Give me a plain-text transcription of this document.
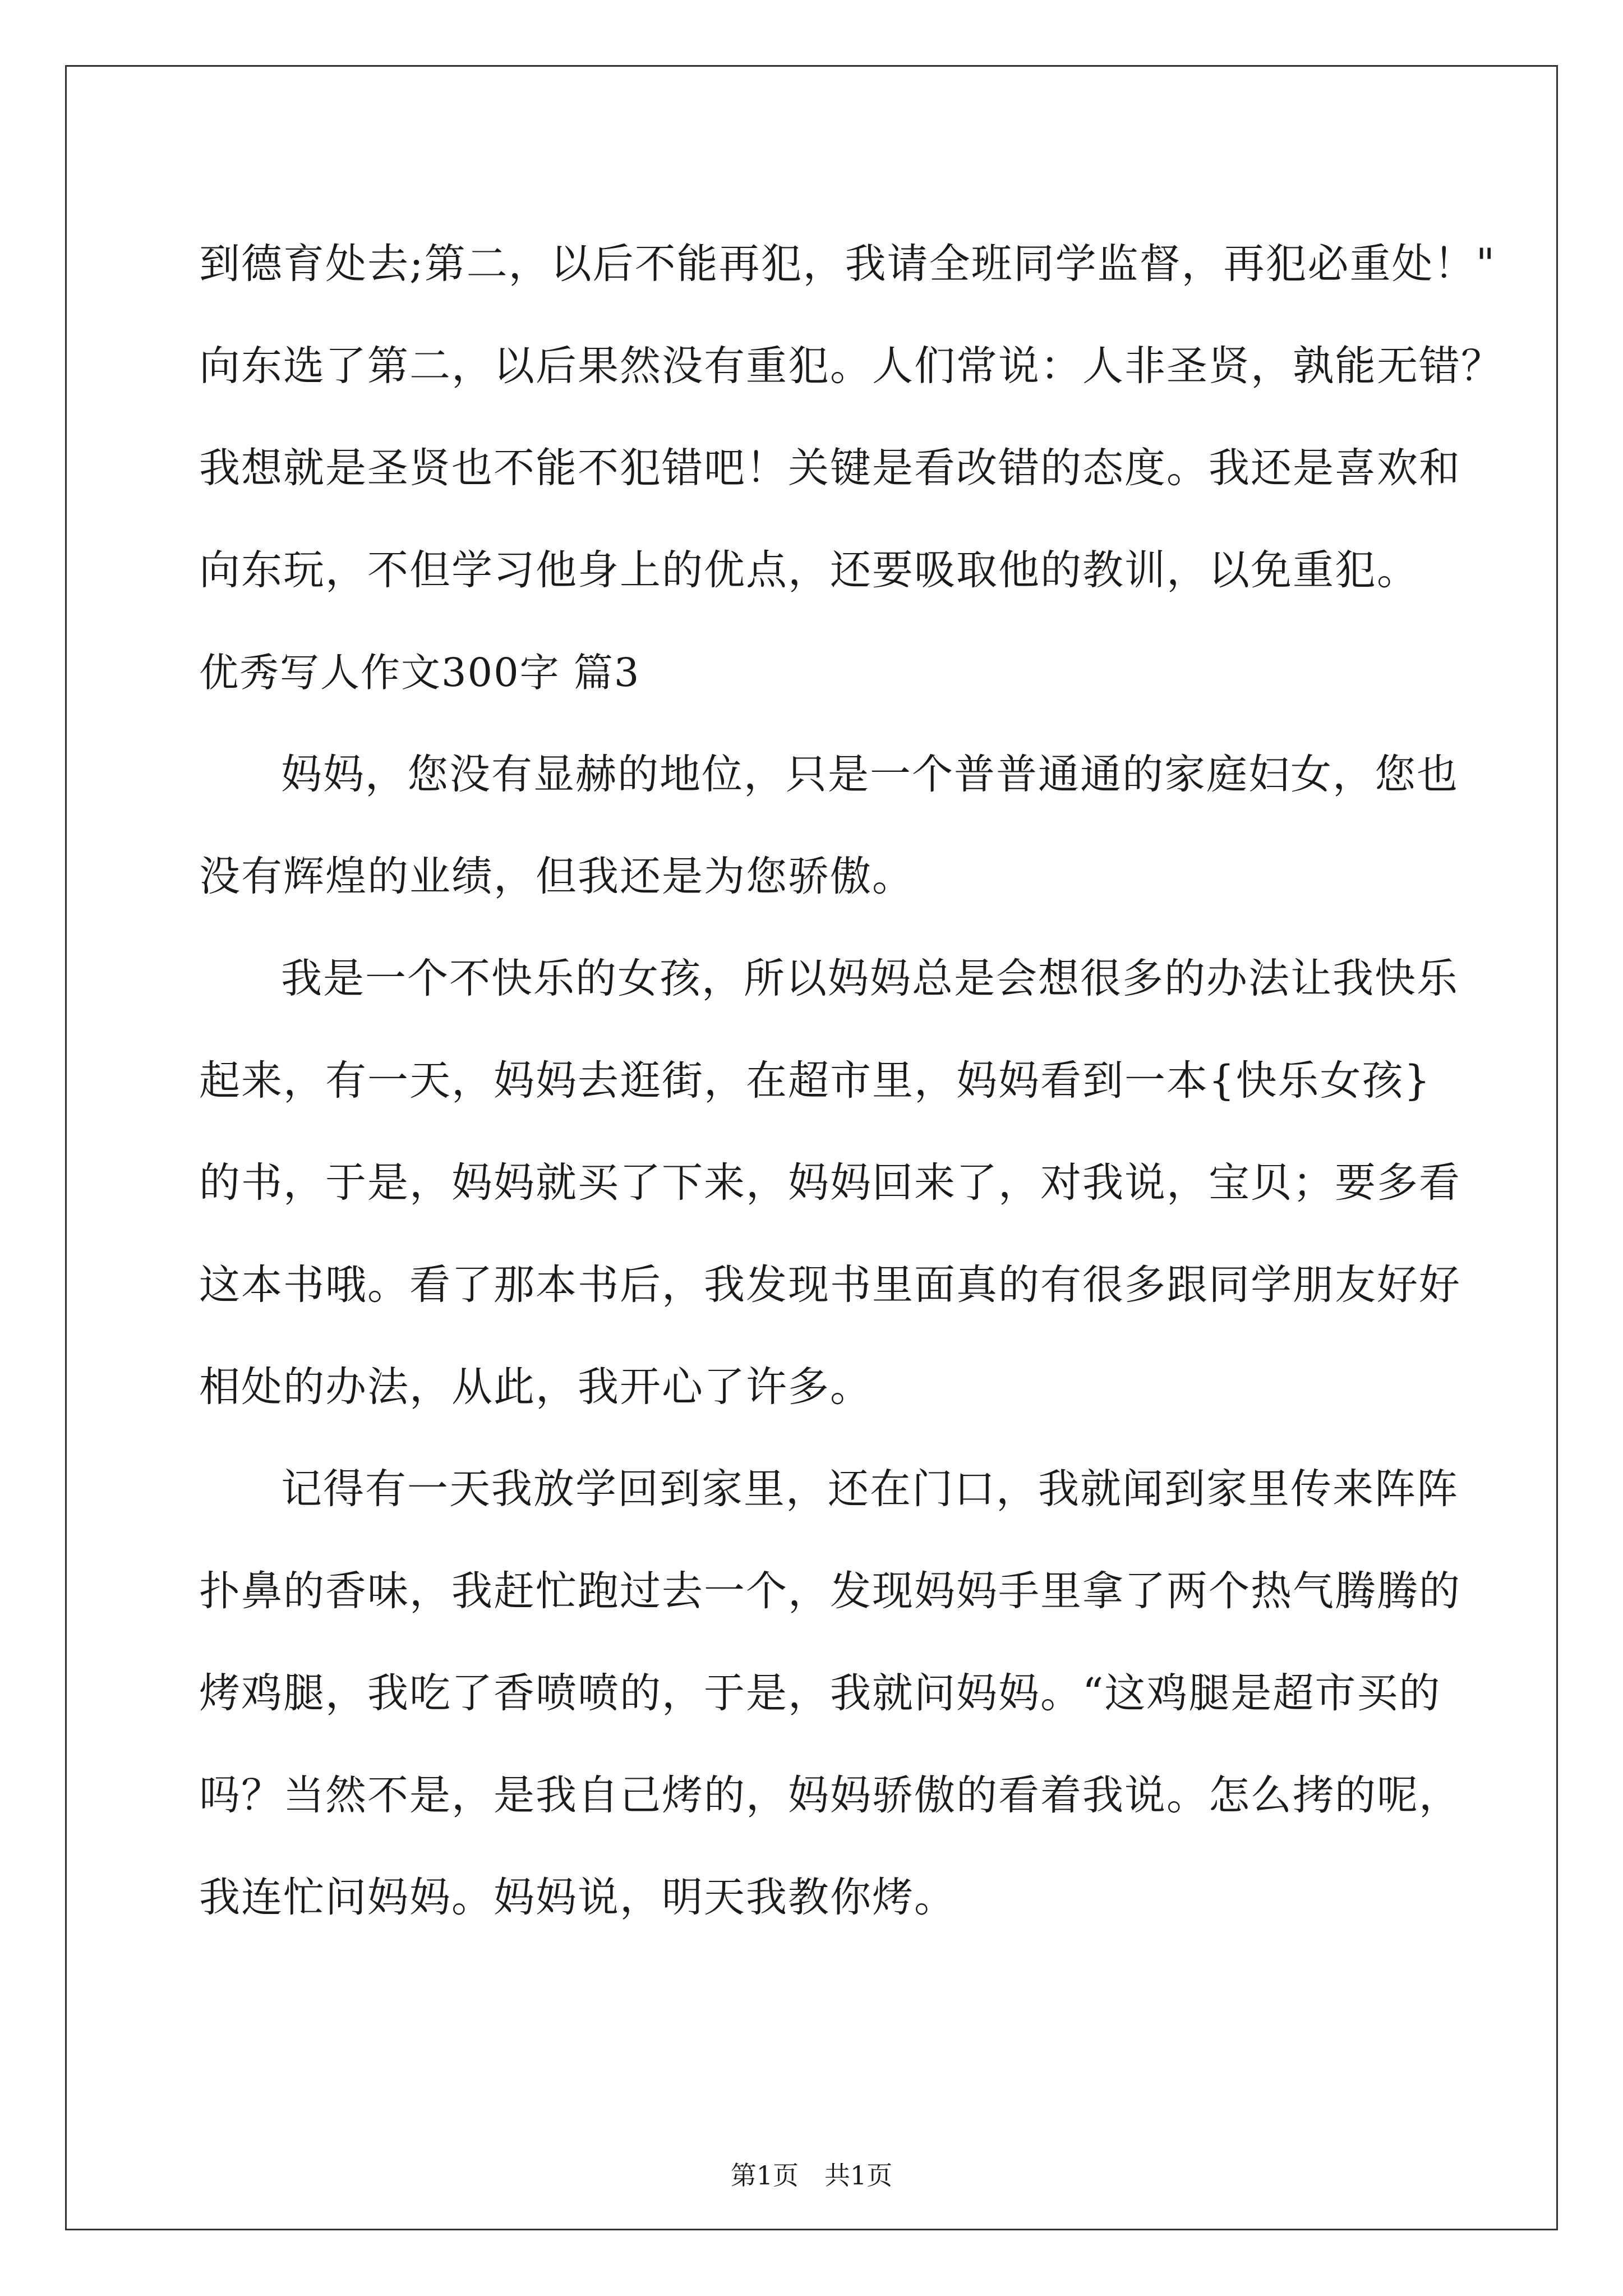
到德育处去;第二，以后不能再犯，我请全班同学监督，再犯必重处！"
向东选了第二，以后果然没有重犯。人们常说：人非圣贤，孰能无错？
我想就是圣贤也不能不犯错吧！关键是看改错的态度。我还是喜欢和
向东玩，不但学习他身上的优点，还要吸取他的教训，以免重犯。
优秀写人作文300字 篇3
妈妈，您没有显赫的地位，只是一个普普通通的家庭妇女，您也
没有辉煌的业绩，但我还是为您骄傲。
我是一个不快乐的女孩，所以妈妈总是会想很多的办法让我快乐
起来，有一天，妈妈去逛街，在超市里，妈妈看到一本{快乐女孩}
的书，于是，妈妈就买了下来，妈妈回来了，对我说，宝贝；要多看
这本书哦。看了那本书后，我发现书里面真的有很多跟同学朋友好好
相处的办法，从此，我开心了许多。
记得有一天我放学回到家里，还在门口，我就闻到家里传来阵阵
扑鼻的香味，我赶忙跑过去一个，发现妈妈手里拿了两个热气腾腾的
烤鸡腿，我吃了香喷喷的，于是，我就问妈妈。“这鸡腿是超市买的
吗？当然不是，是我自己烤的，妈妈骄傲的看着我说。怎么拷的呢，
我连忙问妈妈。妈妈说，明天我教你烤。
第1页　共1页
